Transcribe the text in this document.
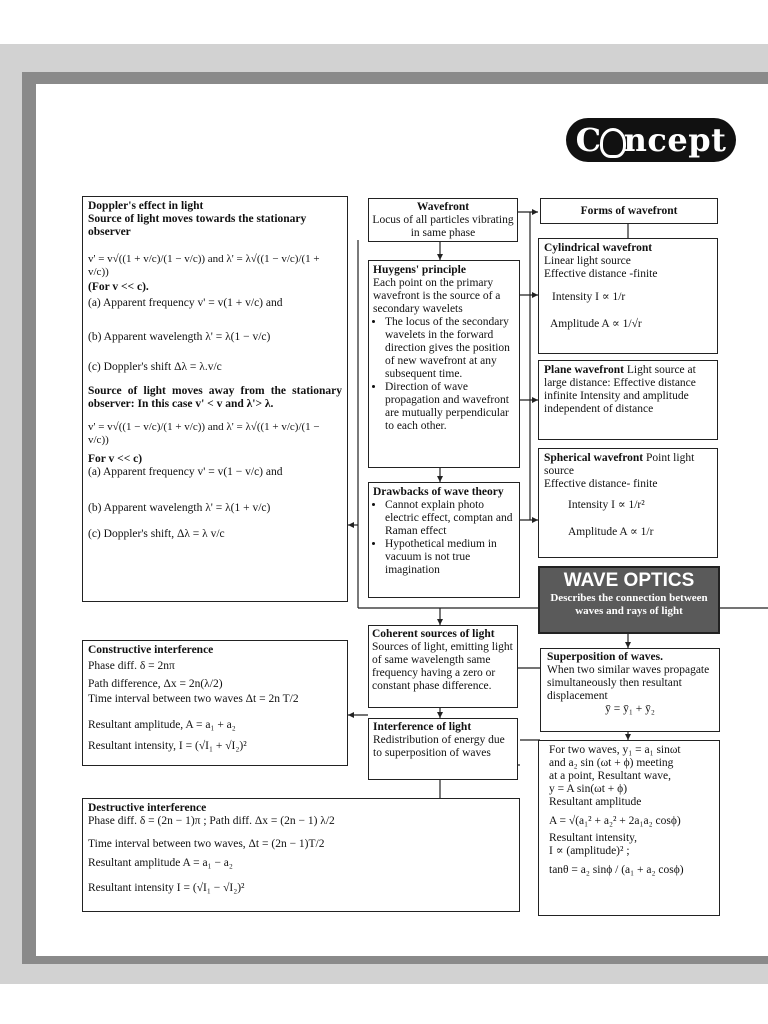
C ncept
Doppler's effect in light
Source of light moves towards the stationary observer
v' = v√((1 + v/c)/(1 − v/c)) and λ' = λ√((1 − v/c)/(1 + v/c))
(For v << c).
(a) Apparent frequency v' = v(1 + v/c) and
(b) Apparent wavelength λ' = λ(1 − v/c)
(c) Doppler's shift Δλ = λ.v/c
Source of light moves away from the stationary observer: In this case v' < v and λ'> λ.
v' = v√((1 − v/c)/(1 + v/c)) and λ' = λ√((1 + v/c)/(1 − v/c))
For v << c)
(a) Apparent frequency v' = v(1 − v/c) and
(b) Apparent wavelength λ' = λ(1 + v/c)
(c) Doppler's shift, Δλ = λ v/c
Wavefront
Locus of all particles vibrating in same phase
Forms of wavefront
Huygens' principle
Each point on the primary wavefront is the source of a secondary wavelets
• The locus of the secondary wavelets in the forward direction gives the position of new wavefront at any subsequent time.
• Direction of wave propagation and wavefront are mutually perpendicular to each other.
Drawbacks of wave theory
• Cannot explain photo electric effect, comptan and Raman effect
• Hypothetical medium in vacuum is not true imagination
Cylindrical wavefront
Linear light source
Effective distance -finite
Intensity I ∝ 1/r
Amplitude A ∝ 1/√r
Plane wavefront Light source at large distance: Effective distance infinite Intensity and amplitude independent of distance
Spherical wavefront Point light source
Effective distance- finite
Intensity I ∝ 1/r²
Amplitude A ∝ 1/r
WAVE OPTICS
Describes the connection between waves and rays of light
Constructive interference
Phase diff. δ = 2nπ
Path difference, Δx = 2n(λ/2)
Time interval between two waves Δt = 2n T/2
Resultant amplitude, A = a₁ + a₂
Resultant intensity, I = (√I₁ + √I₂)²
Coherent sources of light
Sources of light, emitting light of same wavelength same frequency having a zero or constant phase difference.
Interference of light
Redistribution of energy due to superposition of waves
Superposition of waves.
When two similar waves propagate simultaneously then resultant displacement
ȳ = ȳ₁ + ȳ₂
For two waves, y₁ = a₁ sinωt
and a₂ sin (ωt + ϕ) meeting
at a point, Resultant wave,
y = A sin(ωt + ϕ)
Resultant amplitude
A = √(a₁² + a₂² + 2a₁a₂ cosϕ)
Resultant intensity,
I ∝ (amplitude)² ;
tanθ = a₂ sinϕ / (a₁ + a₂ cosϕ)
Destructive interference
Phase diff. δ = (2n − 1)π ; Path diff. Δx = (2n − 1) λ/2
Time interval between two waves, Δt = (2n − 1)T/2
Resultant amplitude A = a₁ − a₂
Resultant intensity I = (√I₁ − √I₂)²
